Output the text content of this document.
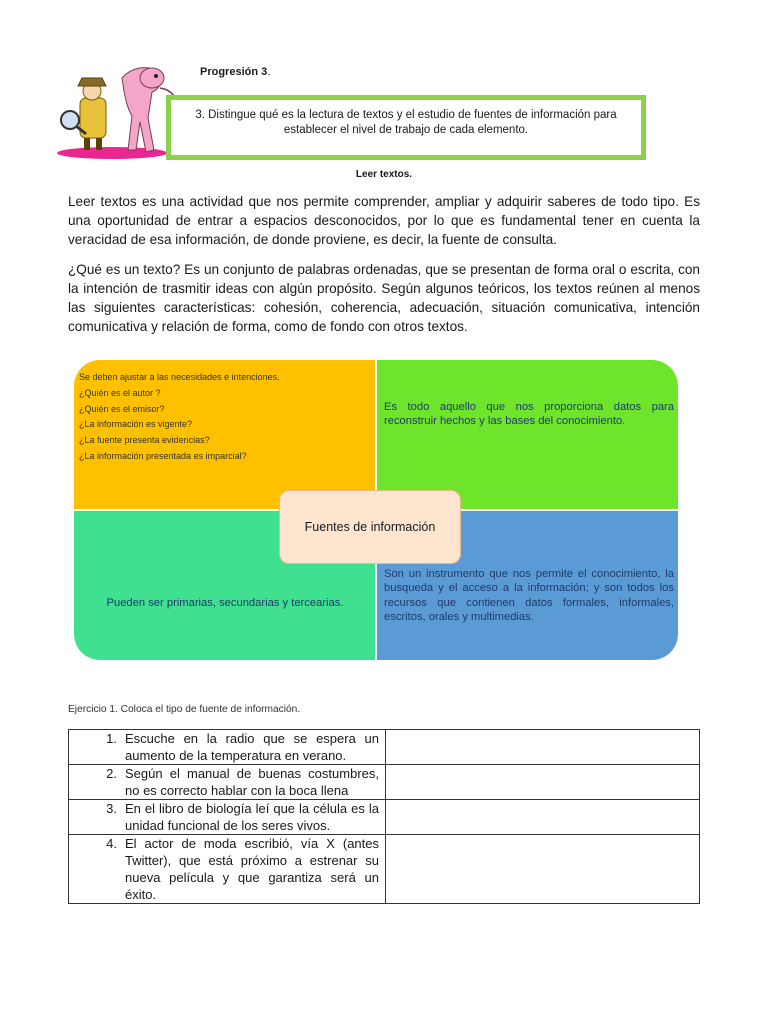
Progresión 3.

3. Distingue qué es la lectura de textos y el estudio de fuentes de información para establecer el nivel de trabajo de cada elemento.

Leer textos.
Leer textos es una actividad que nos permite comprender, ampliar y adquirir saberes de todo tipo. Es una oportunidad de entrar a espacios desconocidos, por lo que es fundamental tener en cuenta la veracidad de esa información, de donde proviene, es decir, la fuente de consulta.
¿Qué es un texto? Es un conjunto de palabras ordenadas, que se presentan de forma oral o escrita, con la intención de trasmitir ideas con algún propósito. Según algunos teóricos, los textos reúnen al menos las siguientes características: cohesión, coherencia, adecuación, situación comunicativa, intención comunicativa y relación de forma, como de fondo con otros textos.
Se deben ajustar a las necesidades e intenciones.
¿Quién es el autor ?
¿Quién es el emisor?
¿La información es vigente?
¿La fuente presenta evidencias?
¿La información presentada es imparcial?
Es todo aquello que nos proporciona datos para reconstruir hechos y las bases del conocimiento.
Pueden ser primarias, secundarias y tercearias.
Son un instrumento que nos permite el conocimiento, la busqueda y el acceso a la información; y son todos los recursos que contienen datos formales, informales, escritos, orales y multimedias.
Fuentes de información
Ejercicio 1. Coloca el tipo de fuente de información.
1. Escuche en la radio que se espera un aumento de la temperatura en verano.	

2. Según el manual de buenas costumbres, no es correcto hablar con la boca llena	

3. En el libro de biología leí que la célula es la unidad funcional de los seres vivos.	

4. El actor de moda escribió, vía X (antes Twitter), que está próximo a estrenar su nueva película y que garantiza será un éxito.	
